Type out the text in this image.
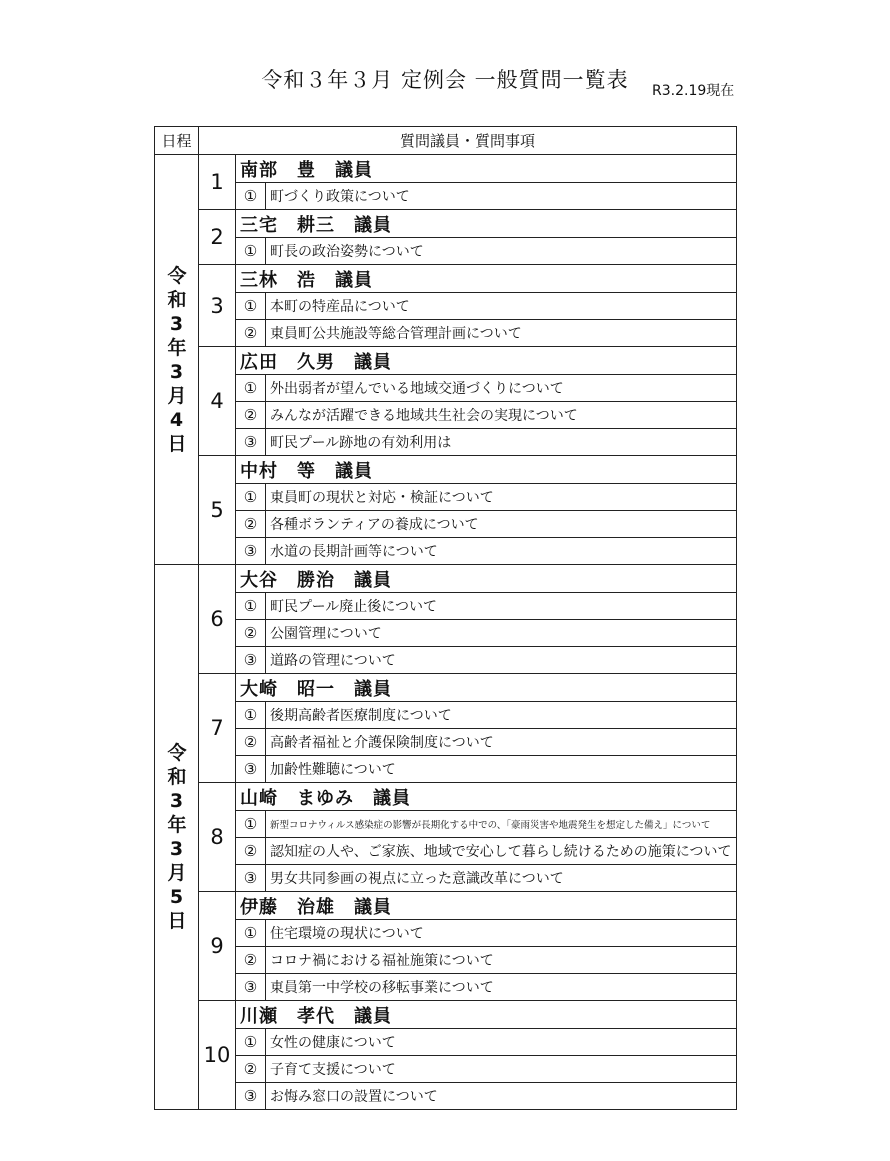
令和３年３月 定例会 一般質問一覧表	R3.2.19現在
日程	質問議員・質問事項		

令和3年3月4日	1	南部　豊　議員	
		①	町づくり政策について
	2	三宅　耕三　議員	
		①	町長の政治姿勢について
	3	三林　浩　議員	
		①	本町の特産品について
		②	東員町公共施設等総合管理計画について
	4	広田　久男　議員	
		①	外出弱者が望んでいる地域交通づくりについて
		②	みんなが活躍できる地域共生社会の実現について
		③	町民プール跡地の有効利用は
	5	中村　等　議員	
		①	東員町の現状と対応・検証について
		②	各種ボランティアの養成について
		③	水道の長期計画等について

令和3年3月5日	6	大谷　勝治　議員	
		①	町民プール廃止後について
		②	公園管理について
		③	道路の管理について
	7	大崎　昭一　議員	
		①	後期高齢者医療制度について
		②	高齢者福祉と介護保険制度について
		③	加齢性難聴について
	8	山崎　まゆみ　議員	
		①	新型コロナウィルス感染症の影響が長期化する中での、「豪雨災害や地震発生を想定した備え」について
		②	認知症の人や、ご家族、地域で安心して暮らし続けるための施策について
		③	男女共同参画の視点に立った意識改革について
	9	伊藤　治雄　議員	
		①	住宅環境の現状について
		②	コロナ禍における福祉施策について
		③	東員第一中学校の移転事業について
	10	川瀬　孝代　議員	
		①	女性の健康について
		②	子育て支援について
		③	お悔み窓口の設置について
